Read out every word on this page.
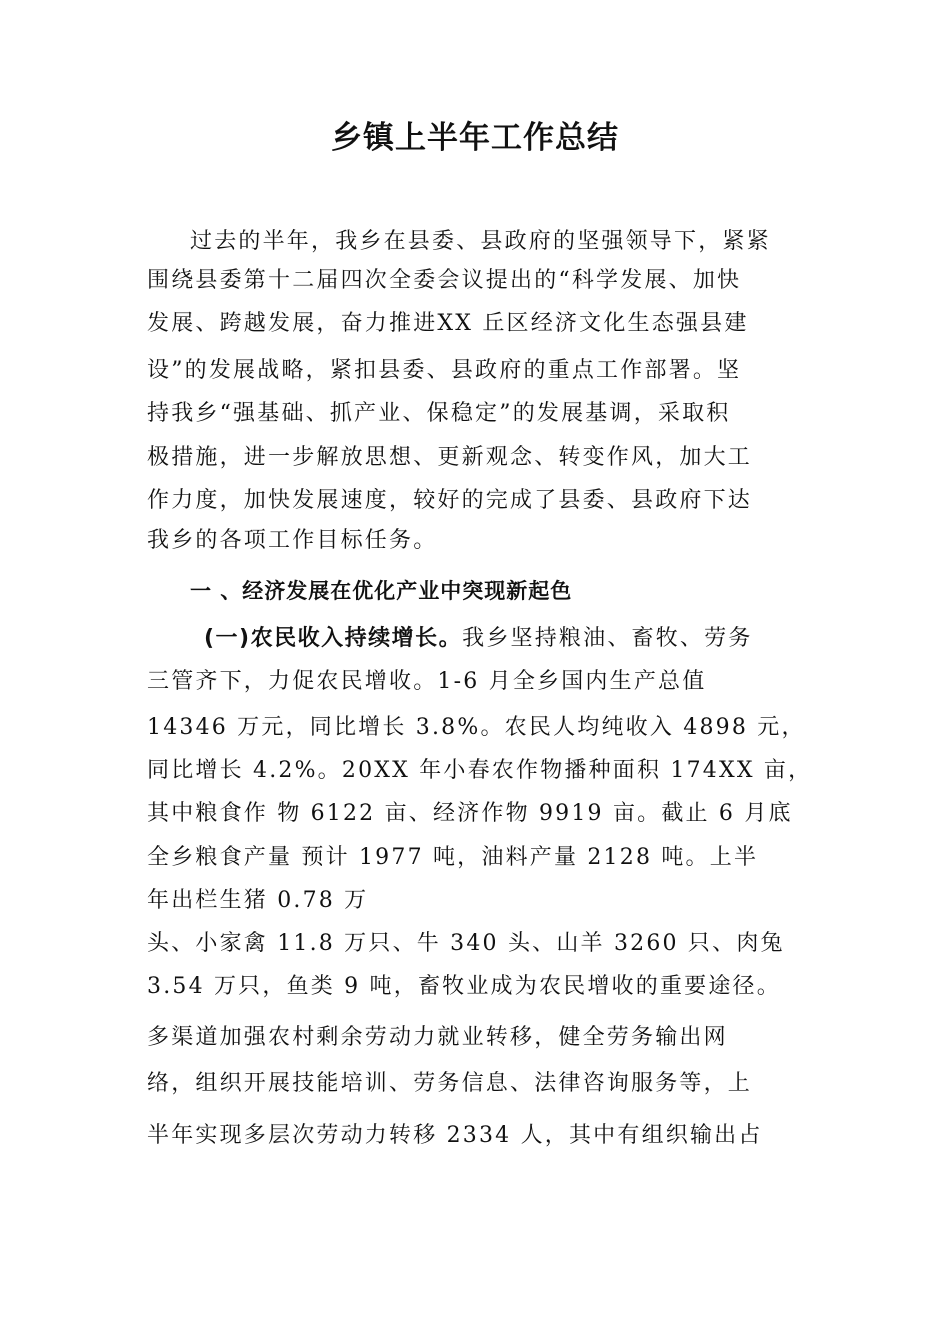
乡镇上半年工作总结

过去的半年，我乡在县委、县政府的坚强领导下，紧紧

围绕县委第十二届四次全委会议提出的“科学发展、加快

发展、跨越发展，奋力推进XX 丘区经济文化生态强县建

设”的发展战略，紧扣县委、县政府的重点工作部署。坚

持我乡“强基础、抓产业、保稳定”的发展基调，采取积

极措施，进一步解放思想、更新观念、转变作风，加大工

作力度，加快发展速度，较好的完成了县委、县政府下达

我乡的各项工作目标任务。

一 、经济发展在优化产业中突现新起色

(一)农民收入持续增长。我乡坚持粮油、畜牧、劳务

三管齐下，力促农民增收。1-6 月全乡国内生产总值

14346 万元，同比增长 3.8%。农民人均纯收入 4898 元，

同比增长 4.2%。20XX 年小春农作物播种面积 174XX 亩，

其中粮食作 物 6122 亩、经济作物 9919 亩。截止 6 月底

全乡粮食产量 预计 1977 吨，油料产量 2128 吨。上半

年出栏生猪 0.78 万

头、小家禽 11.8 万只、牛 340 头、山羊 3260 只、肉兔

3.54 万只，鱼类 9 吨，畜牧业成为农民增收的重要途径。

多渠道加强农村剩余劳动力就业转移，健全劳务输出网

络，组织开展技能培训、劳务信息、法律咨询服务等，上

半年实现多层次劳动力转移 2334 人，其中有组织输出占
